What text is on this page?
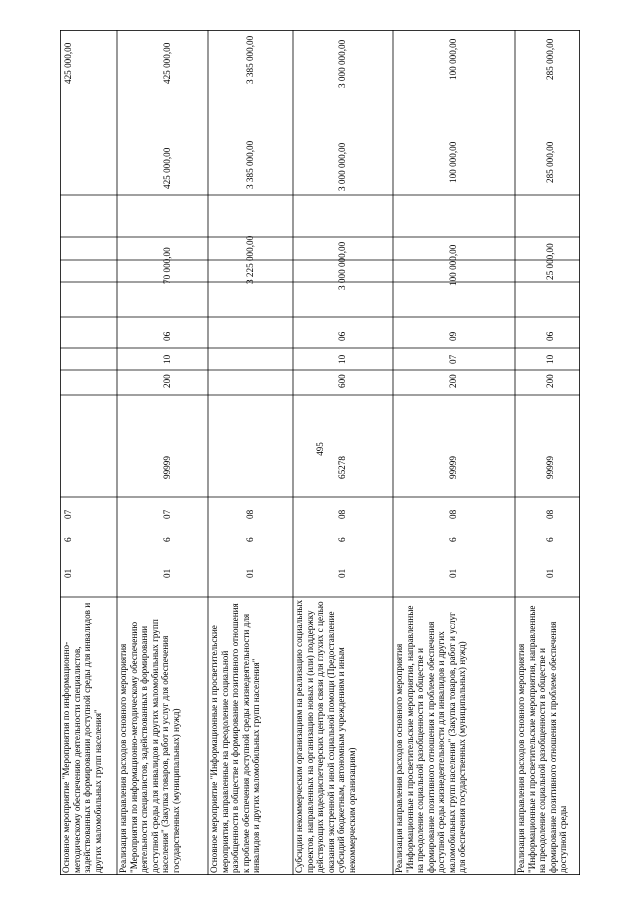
495
Основное мероприятие "Мероприятия по информационно-методическому обеспечению деятельности специалистов, задействованных в формировании доступной среды для инвалидов и других маломобильных групп населения"
01
6
07
425 000,00
Реализация направления расходов основного мероприятия "Мероприятия по информационно-методическому обеспечению деятельности специалистов, задействованных в формировании доступной среды для инвалидов и других маломобильных групп населения" (Закупка товаров, работ и услуг для обеспечения государственных (муниципальных) нужд)
01
6
07
99999
200
10
06
70 000,00
425 000,00
425 000,00
Основное мероприятие "Информационные и просветительские мероприятия, направленные на преодоление социальной разобщенности в обществе и формирование позитивного отношения к проблеме обеспечения доступной среды жизнедеятельности для инвалидов и других маломобильных групп населения"
01
6
08
3 225 000,00
3 385 000,00
3 385 000,00
Субсидии некоммерческим организациям на реализацию социальных проектов, направленных на организацию новых и (или) поддержку действующих видеодиспетчерских центров связи для глухих с целью оказания экстренной и иной социальной помощи (Предоставление субсидий бюджетным, автономным учреждениям и иным некоммерческим организациям)
01
6
08
65278
600
10
06
3 000 000,00
3 000 000,00
3 000 000,00
Реализация направления расходов основного мероприятия "Информационные и просветительские мероприятия, направленные на преодоление социальной разобщенности в обществе и формирование позитивного отношения к проблеме обеспечения доступной среды жизнедеятельности для инвалидов и других маломобильных групп населения" (Закупка товаров, работ и услуг для обеспечения государственных (муниципальных) нужд)
01
6
08
99999
200
07
09
100 000,00
100 000,00
100 000,00
Реализация направления расходов основного мероприятия "Информационные и просветительские мероприятия, направленные на преодоление социальной разобщенности в обществе и формирование позитивного отношения к проблеме обеспечения доступной среды
01
6
08
99999
200
10
06
25 000,00
285 000,00
285 000,00
